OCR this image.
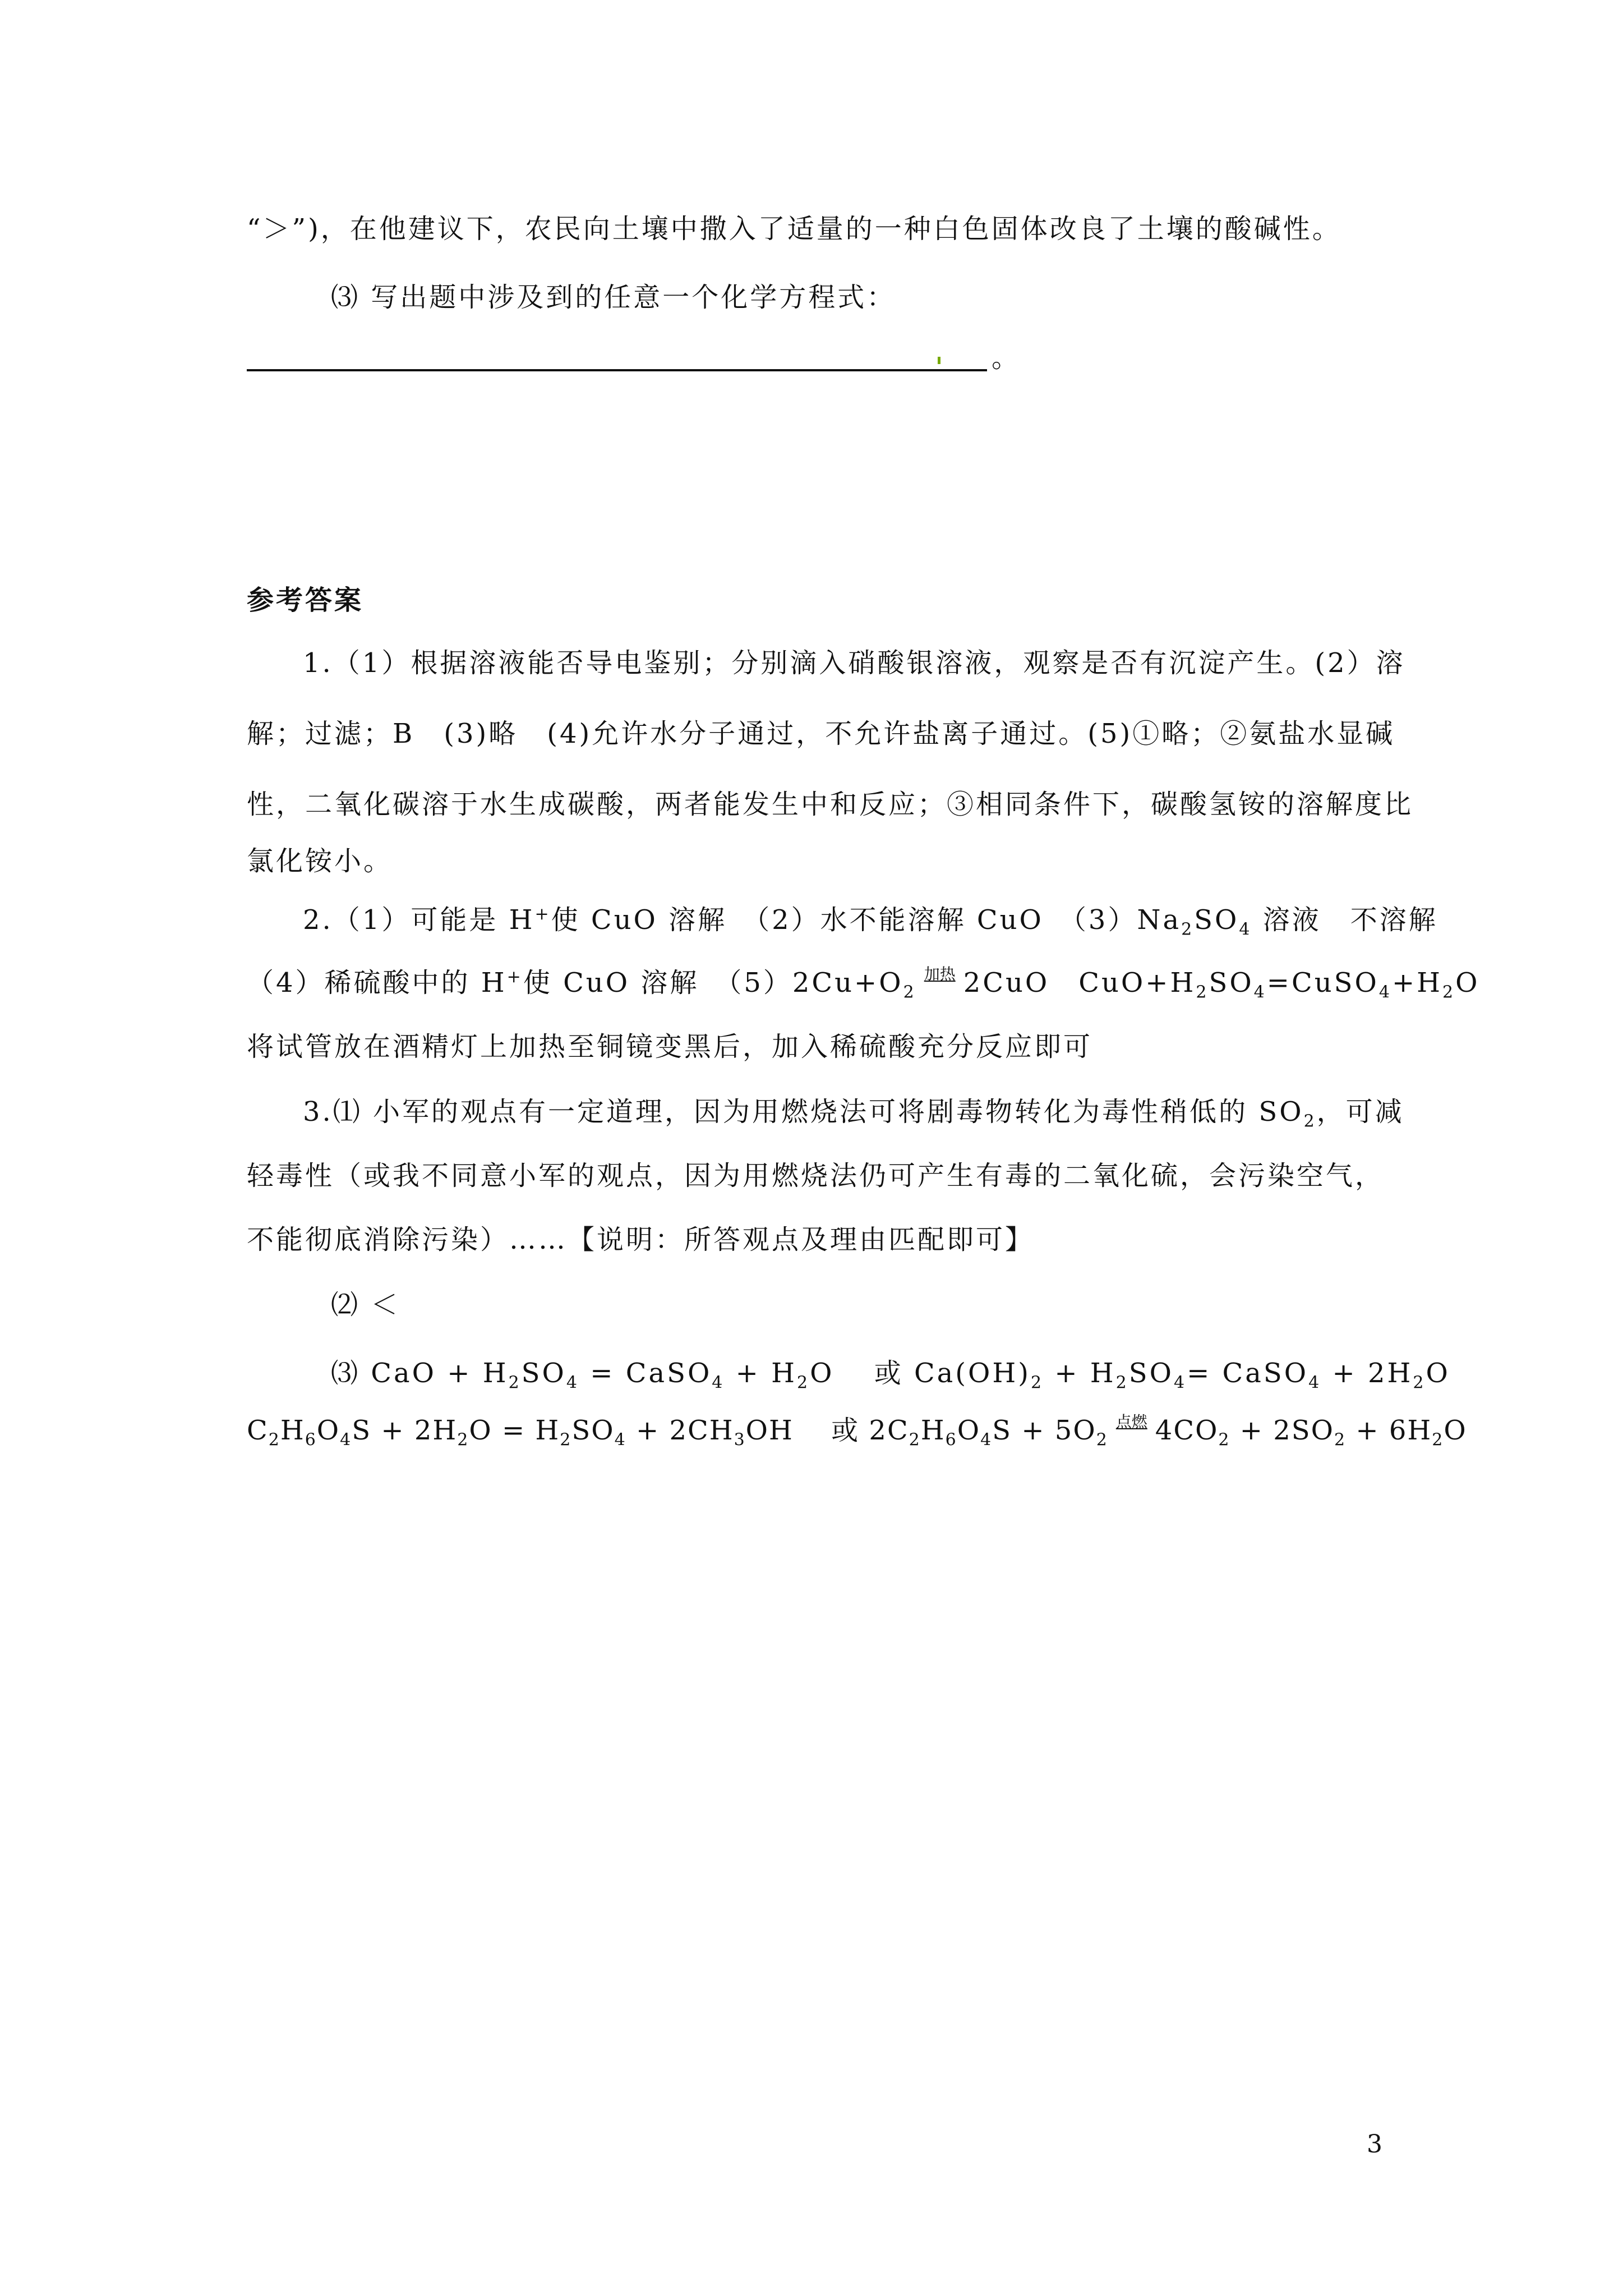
“＞”)，在他建议下，农民向土壤中撒入了适量的一种白色固体改良了土壤的酸碱性。
⑶ 写出题中涉及到的任意一个化学方程式：
。
参考答案
1.（1）根据溶液能否导电鉴别；分别滴入硝酸银溶液，观察是否有沉淀产生。(2）溶
解；过滤；B　(3)略　(4)允许水分子通过，不允许盐离子通过。(5)①略；②氨盐水显碱
性，二氧化碳溶于水生成碳酸，两者能发生中和反应；③相同条件下，碳酸氢铵的溶解度比
氯化铵小。
2.（1）可能是 H+使 CuO 溶解　（2）水不能溶解 CuO　$(3)Na_2SO_4$ 溶液　不溶解
（4）稀硫酸中的 H+使 CuO 溶解　$(5)2Cu+O_2$加热 2CuO　$CuO+H_2SO_4=CuSO_4+H_2O$
将试管放在酒精灯上加热至铜镜变黑后，加入稀硫酸充分反应即可
3.⑴ 小军的观点有一定道理，因为用燃烧法可将剧毒物转化为毒性稍低的 $SO_2$，可减
轻毒性（或我不同意小军的观点，因为用燃烧法仍可产生有毒的二氧化硫，会污染空气，
不能彻底消除污染）……【说明：所答观点及理由匹配即可】
⑵ ＜
⑶ CaO + $H_2SO_4$ = CaSO$_4$ + $H_2O$　 或 $Ca(OH)_2 + H_2SO_4=$ CaSO$_4$ + $2H_2O$
$C_2H_6O_4S + 2H_2O = H_2SO_4 + 2CH_3OH$　 或 $2C_2H_6O_4S + 5O_2$点燃 $4CO_2 + 2SO_2 + 6H_2O$
3
